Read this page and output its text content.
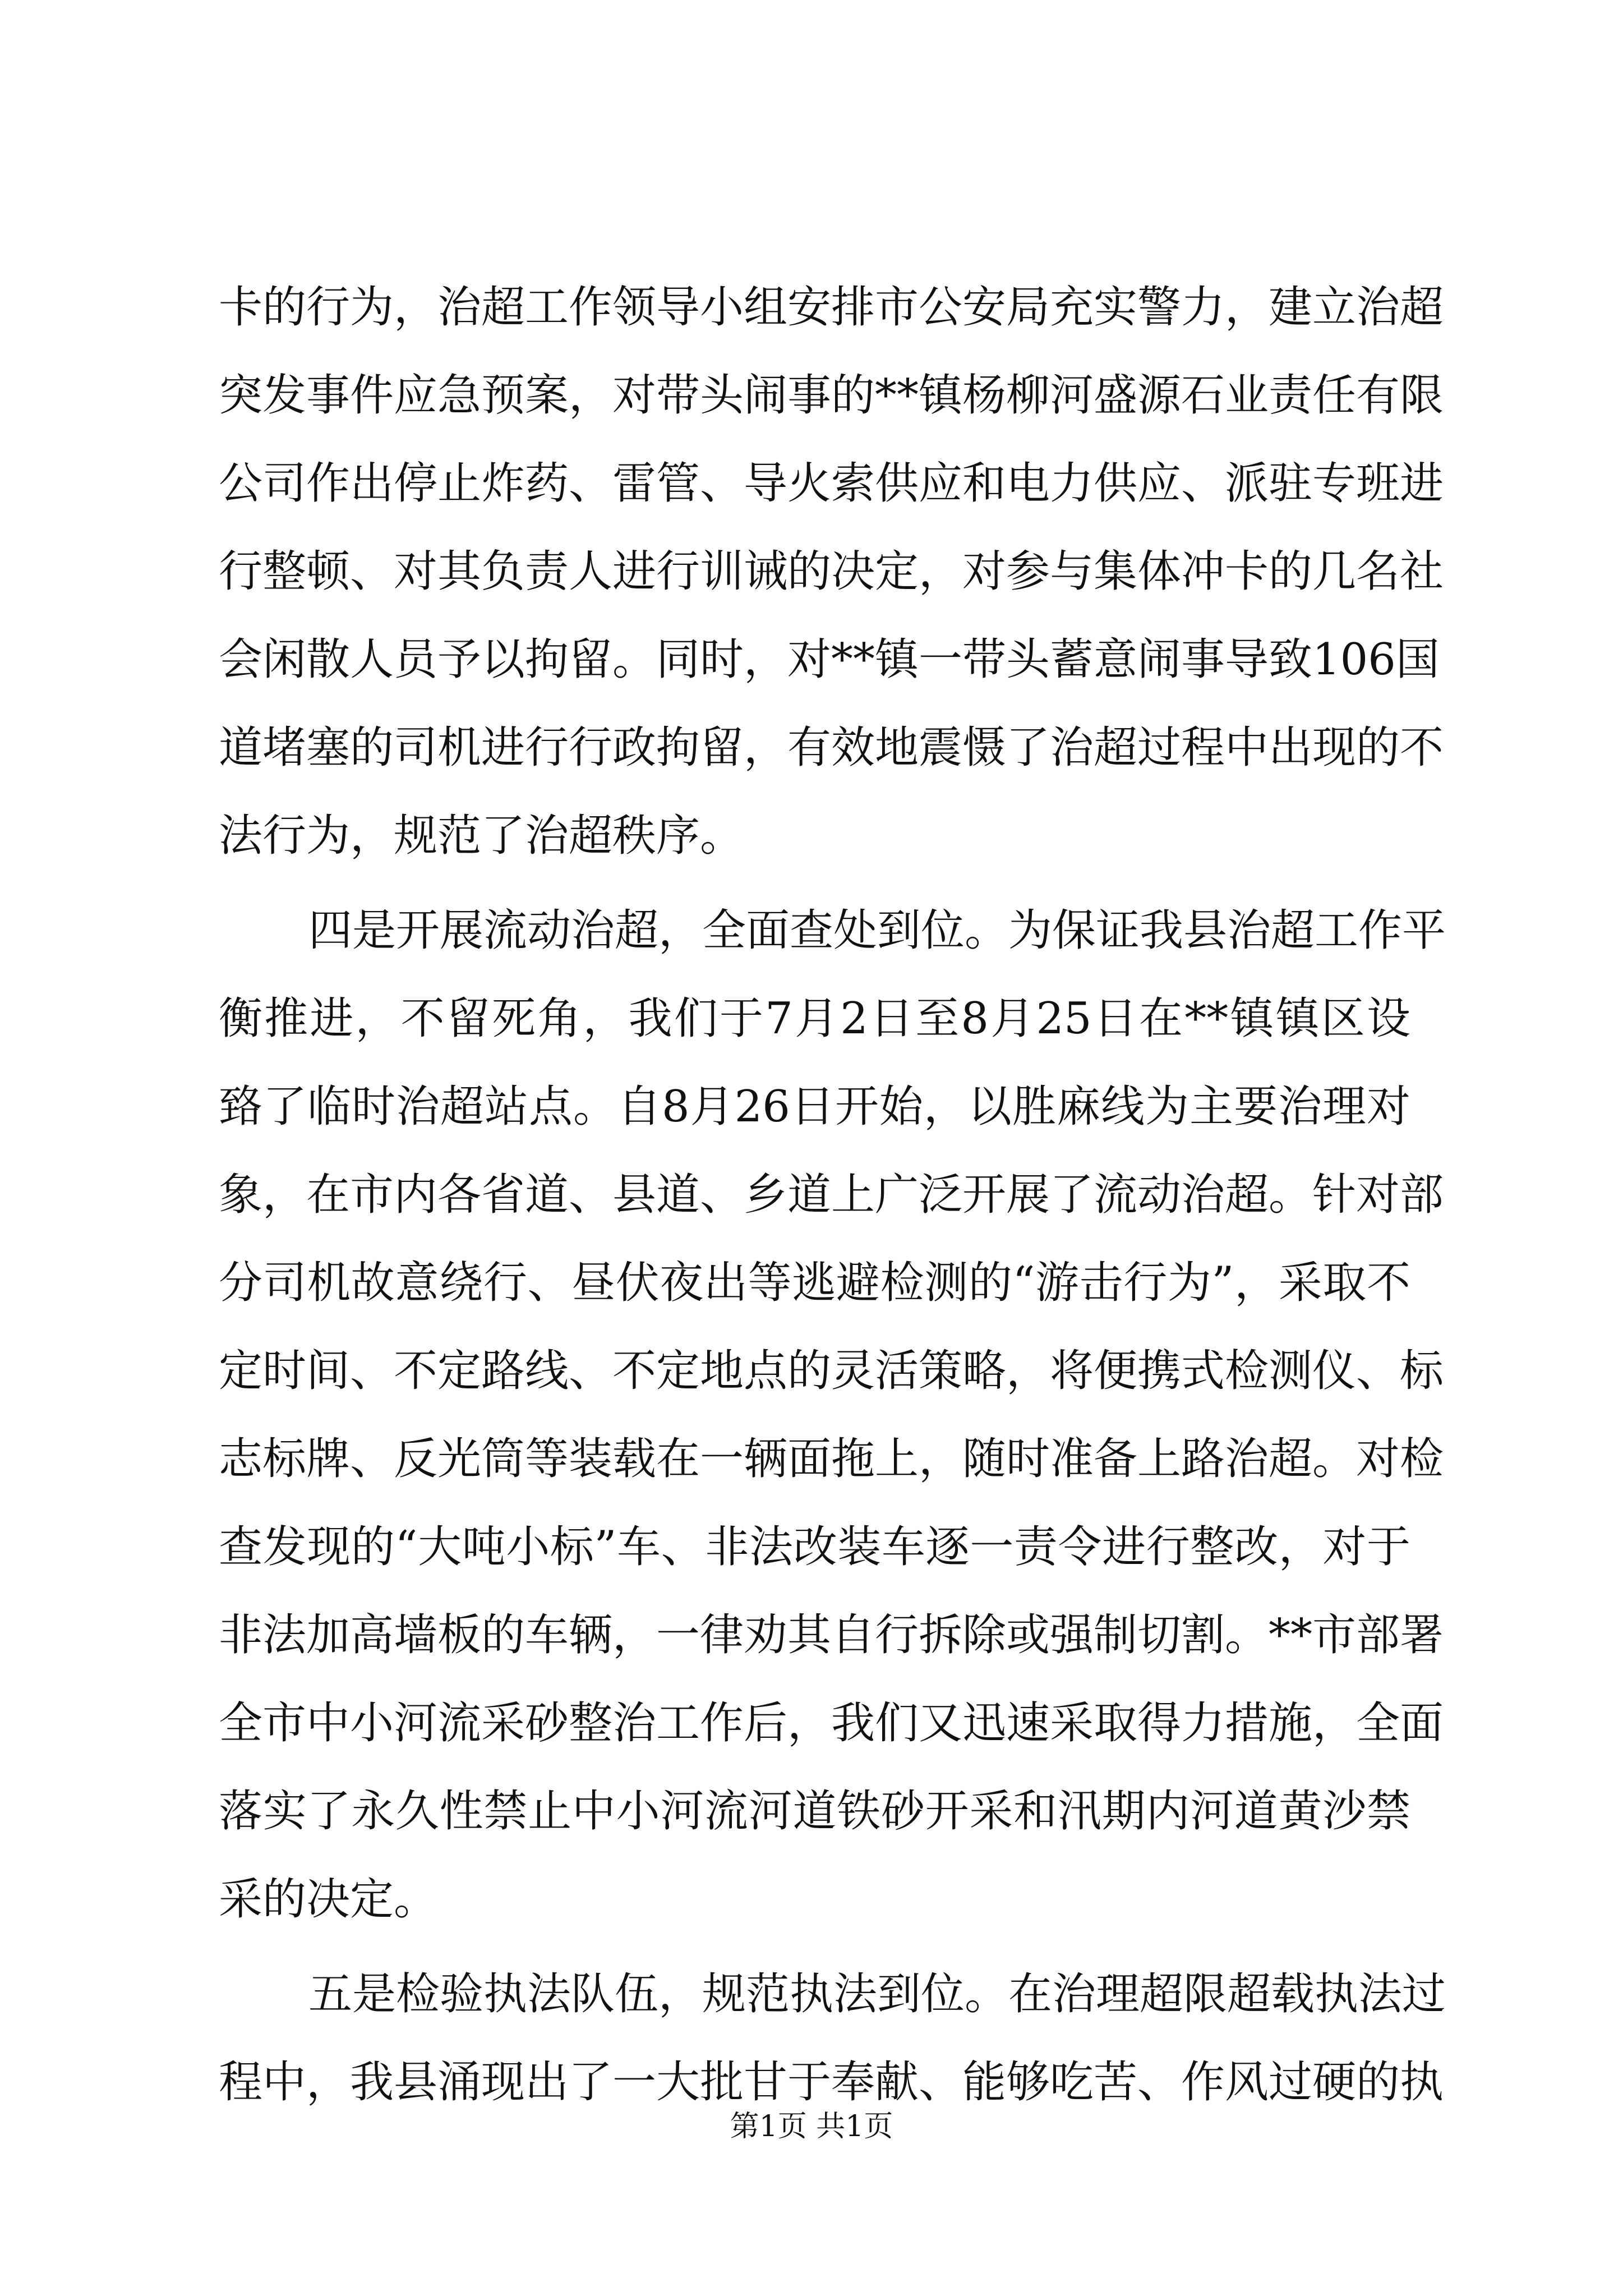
卡的行为，治超工作领导小组安排市公安局充实警力，建立治超
突发事件应急预案，对带头闹事的**镇杨柳河盛源石业责任有限
公司作出停止炸药、雷管、导火索供应和电力供应、派驻专班进
行整顿、对其负责人进行训诫的决定，对参与集体冲卡的几名社
会闲散人员予以拘留。同时，对**镇一带头蓄意闹事导致106国
道堵塞的司机进行行政拘留，有效地震慑了治超过程中出现的不
法行为，规范了治超秩序。
四是开展流动治超，全面查处到位。为保证我县治超工作平
衡推进，不留死角，我们于7月2日至8月25日在**镇镇区设
臵了临时治超站点。自8月26日开始，以胜麻线为主要治理对
象，在市内各省道、县道、乡道上广泛开展了流动治超。针对部
分司机故意绕行、昼伏夜出等逃避检测的“游击行为”，采取不
定时间、不定路线、不定地点的灵活策略，将便携式检测仪、标
志标牌、反光筒等装载在一辆面拖上，随时准备上路治超。对检
查发现的“大吨小标”车、非法改装车逐一责令进行整改，对于
非法加高墙板的车辆，一律劝其自行拆除或强制切割。**市部署
全市中小河流采砂整治工作后，我们又迅速采取得力措施，全面
落实了永久性禁止中小河流河道铁砂开采和汛期内河道黄沙禁
采的决定。
五是检验执法队伍，规范执法到位。在治理超限超载执法过
程中，我县涌现出了一大批甘于奉献、能够吃苦、作风过硬的执
第1页 共1页
